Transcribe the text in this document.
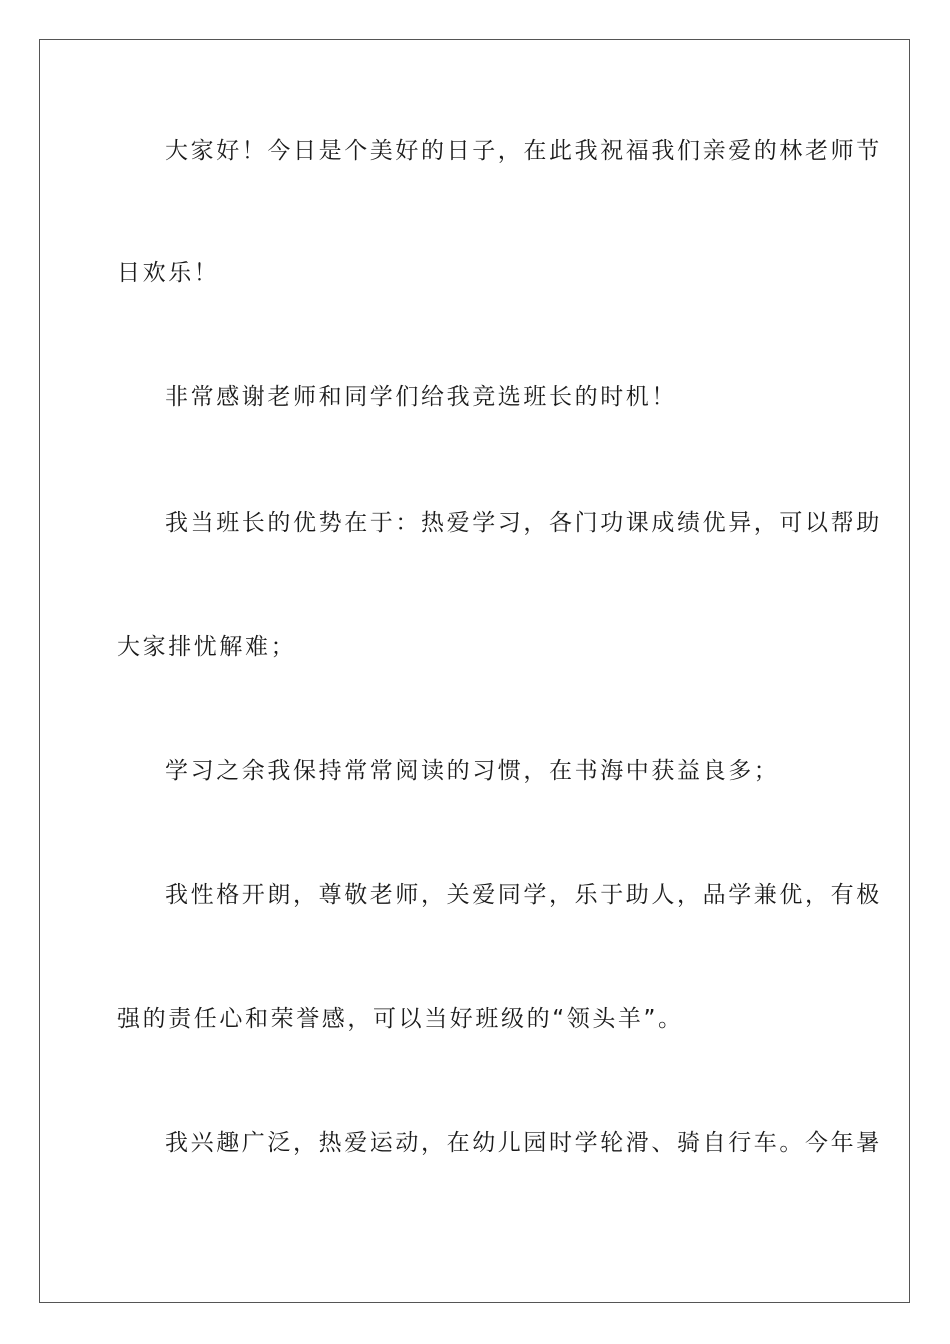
大家好！今日是个美好的日子，在此我祝福我们亲爱的林老师节
日欢乐！
非常感谢老师和同学们给我竞选班长的时机！
我当班长的优势在于：热爱学习，各门功课成绩优异，可以帮助
大家排忧解难；
学习之余我保持常常阅读的习惯，在书海中获益良多；
我性格开朗，尊敬老师，关爱同学，乐于助人，品学兼优，有极
强的责任心和荣誉感，可以当好班级的“领头羊”。
我兴趣广泛，热爱运动，在幼儿园时学轮滑、骑自行车。今年暑
